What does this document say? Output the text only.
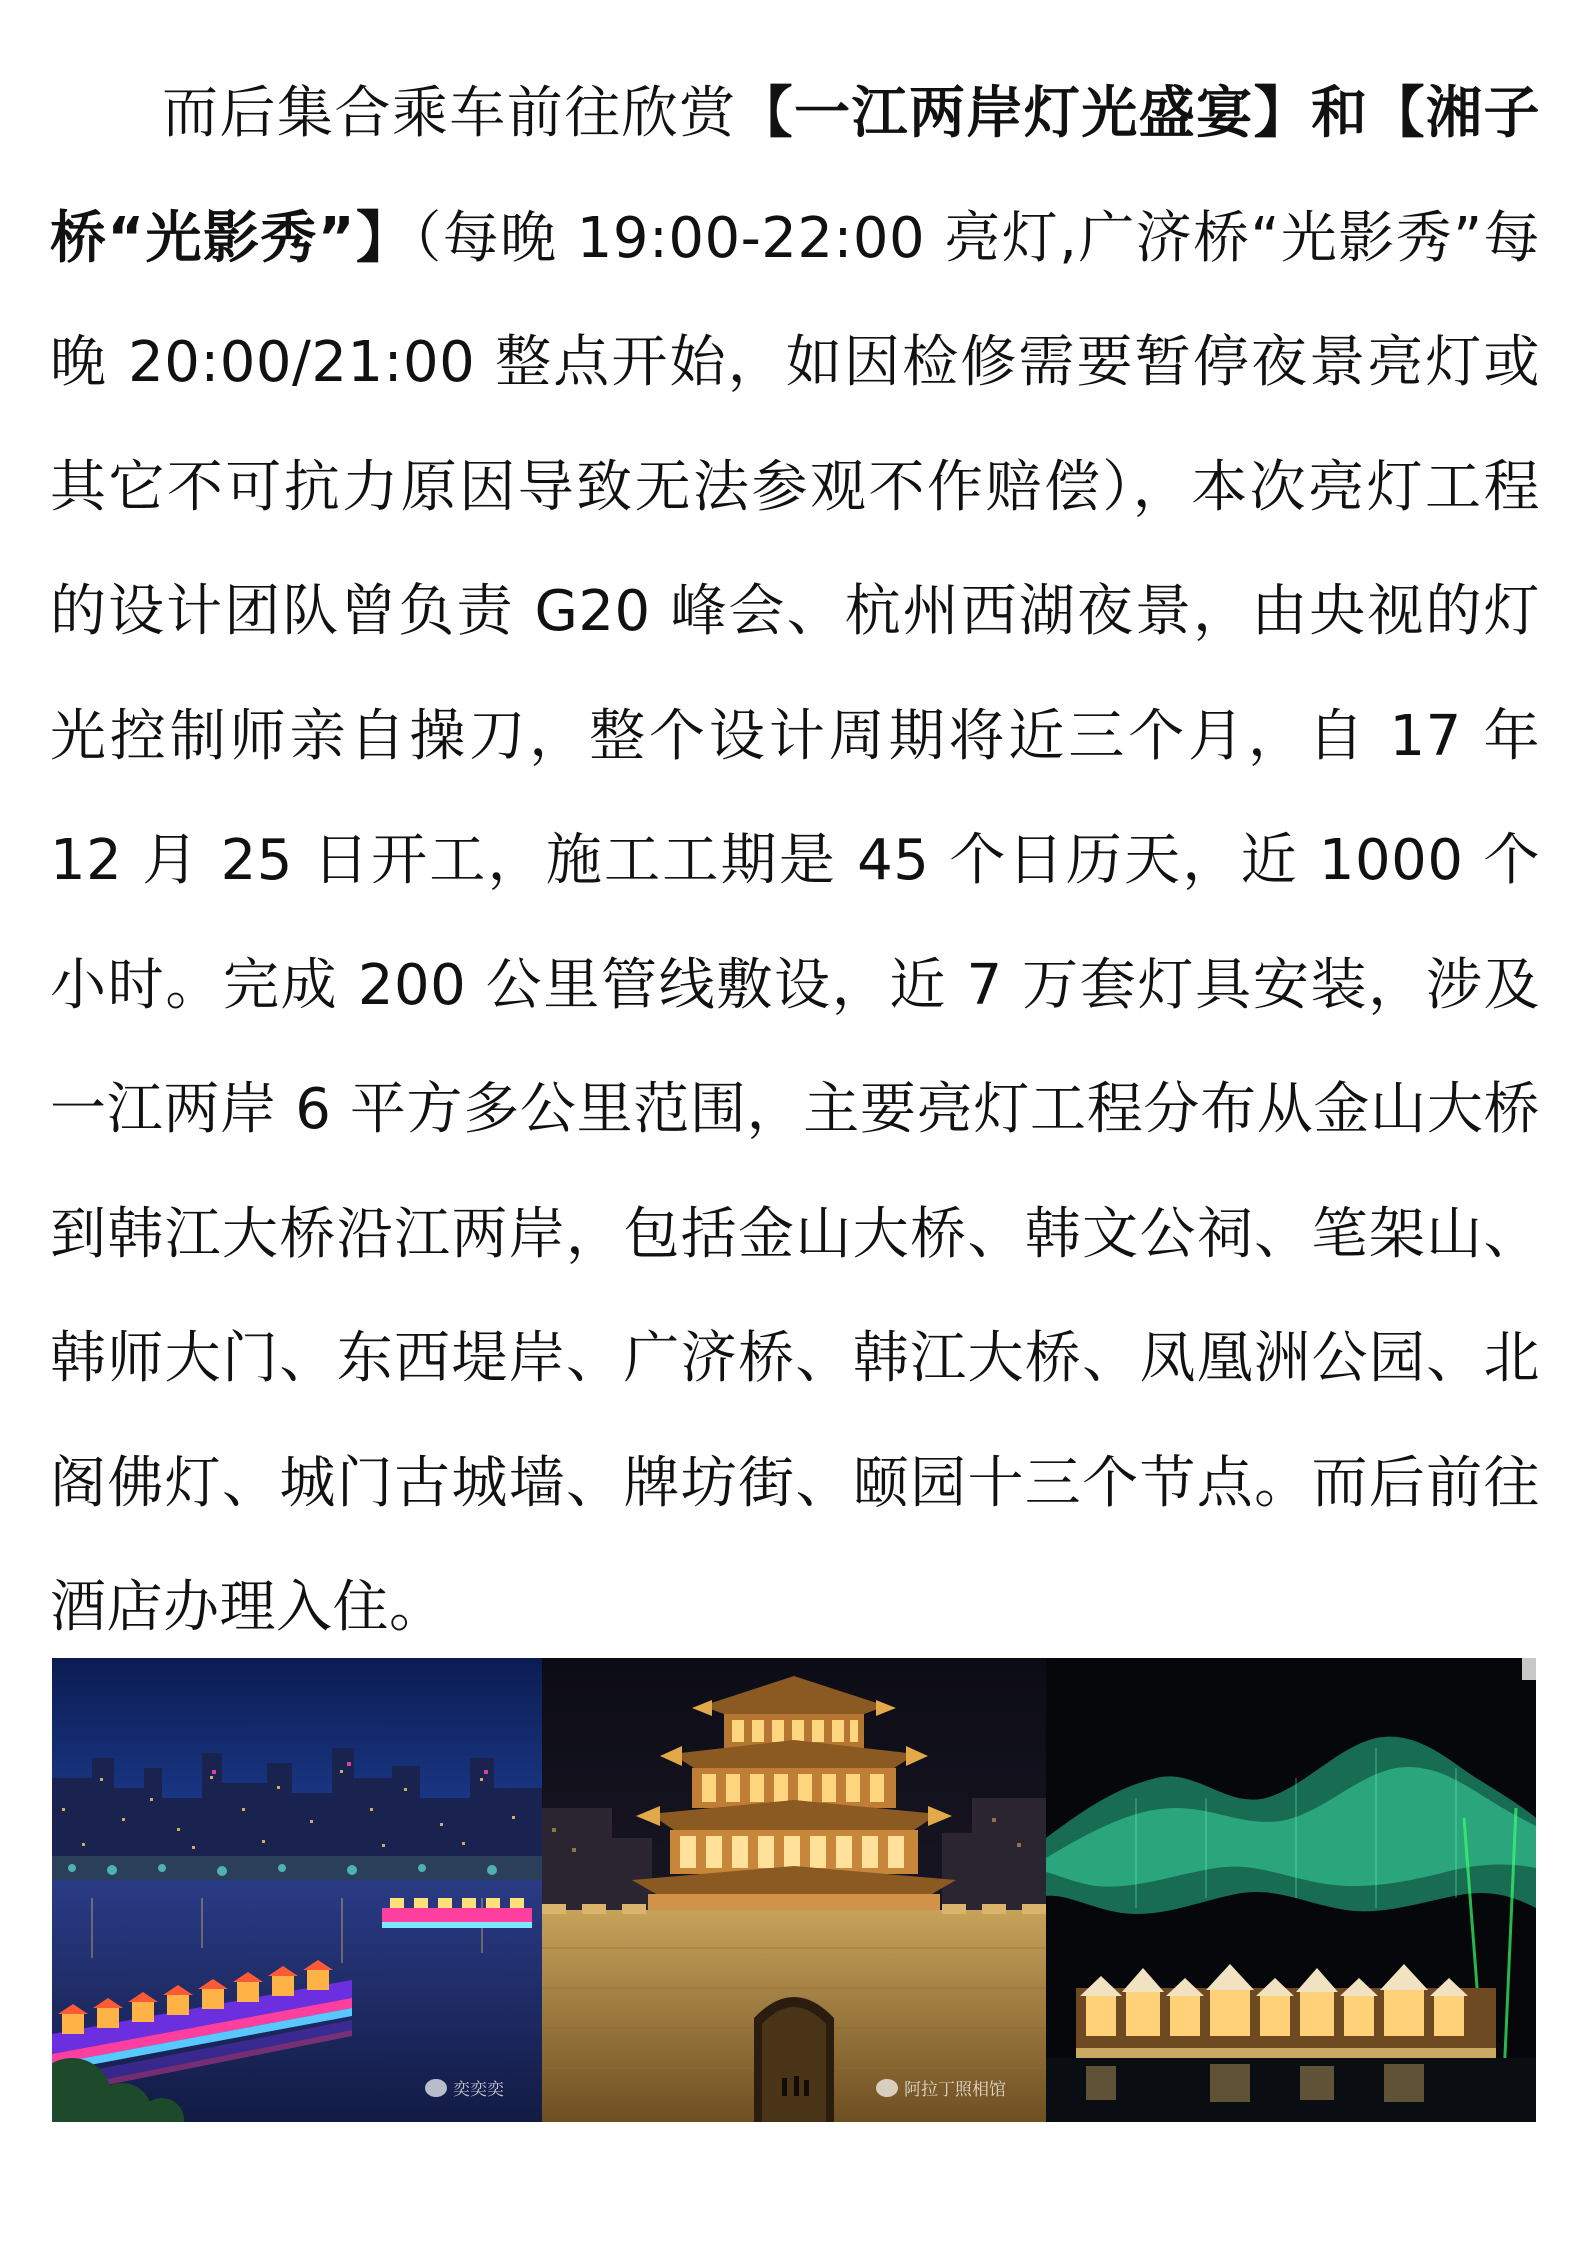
而后集合乘车前往欣赏【一江两岸灯光盛宴】和【湘子桥“光影秀”】（每晚 19:00-22:00 亮灯,广济桥“光影秀”每晚 20:00/21:00 整点开始，如因检修需要暂停夜景亮灯或其它不可抗力原因导致无法参观不作赔偿），本次亮灯工程的设计团队曾负责 G20 峰会、杭州西湖夜景，由央视的灯光控制师亲自操刀，整个设计周期将近三个月，自 17 年 12 月 25 日开工，施工工期是 45 个日历天，近 1000 个小时。完成 200 公里管线敷设，近 7 万套灯具安装，涉及一江两岸 6 平方多公里范围，主要亮灯工程分布从金山大桥到韩江大桥沿江两岸，包括金山大桥、韩文公祠、笔架山、韩师大门、东西堤岸、广济桥、韩江大桥、凤凰洲公园、北阁佛灯、城门古城墙、牌坊街、颐园十三个节点。而后前往酒店办理入住。

奕奕奕	阿拉丁照相馆
